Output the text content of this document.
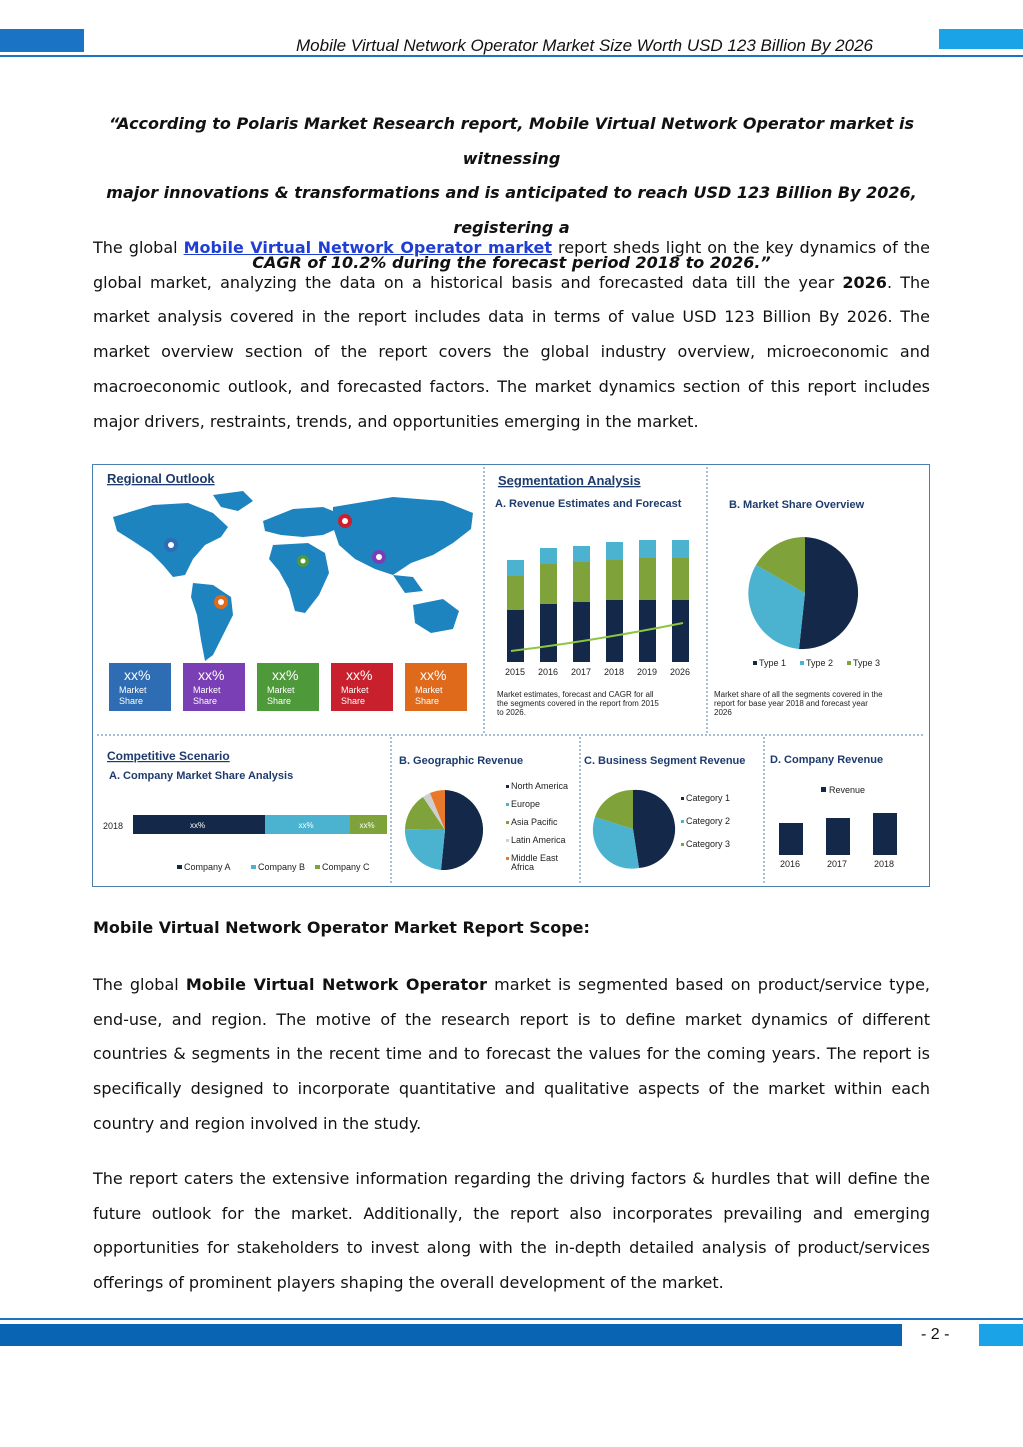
Mobile Virtual Network Operator Market Size Worth USD 123 Billion By 2026
“According to Polaris Market Research report, Mobile Virtual Network Operator market is witnessing
major innovations & transformations and is anticipated to reach USD 123 Billion By 2026, registering a
CAGR of 10.2% during the forecast period 2018 to 2026.”
The global Mobile Virtual Network Operator market report sheds light on the key dynamics of the global market, analyzing the data on a historical basis and forecasted data till the year 2026. The market analysis covered in the report includes data in terms of value USD 123 Billion By 2026. The market overview section of the report covers the global industry overview, microeconomic and macroeconomic outlook, and forecasted factors. The market dynamics section of this report includes major drivers, restraints, trends, and opportunities emerging in the market.
Regional Outlook
xx%
Market
Share
xx%
Market
Share
xx%
Market
Share
xx%
Market
Share
xx%
Market
Share
Segmentation Analysis
A. Revenue Estimates and Forecast
2015 2016 2017 2018 2019 2026
Market estimates, forecast and CAGR for all
the segments covered in the report from 2015
to 2026.
B. Market Share Overview
Type 1 Type 2 Type 3
Market share of all the segments covered in the
report for base year 2018 and forecast year
2026
Competitive Scenario
A. Company Market Share Analysis
2018	xx%	xx%	xx%
Company A	Company B Company C
B. Geographic Revenue
North America
Europe
Asia Pacific
Latin America
Middle East
Africa
C. Business Segment Revenue
Category 1
Category 2
Category 3
D. Company Revenue
Revenue
2016	2017	2018
Mobile Virtual Network Operator Market Report Scope:
The global Mobile Virtual Network Operator market is segmented based on product/service type, end-use, and region. The motive of the research report is to define market dynamics of different countries & segments in the recent time and to forecast the values for the coming years. The report is specifically designed to incorporate quantitative and qualitative aspects of the market within each country and region involved in the study.
The report caters the extensive information regarding the driving factors & hurdles that will define the future outlook for the market. Additionally, the report also incorporates prevailing and emerging opportunities for stakeholders to invest along with the in-depth detailed analysis of product/services offerings of prominent players shaping the overall development of the market.
- 2 -
